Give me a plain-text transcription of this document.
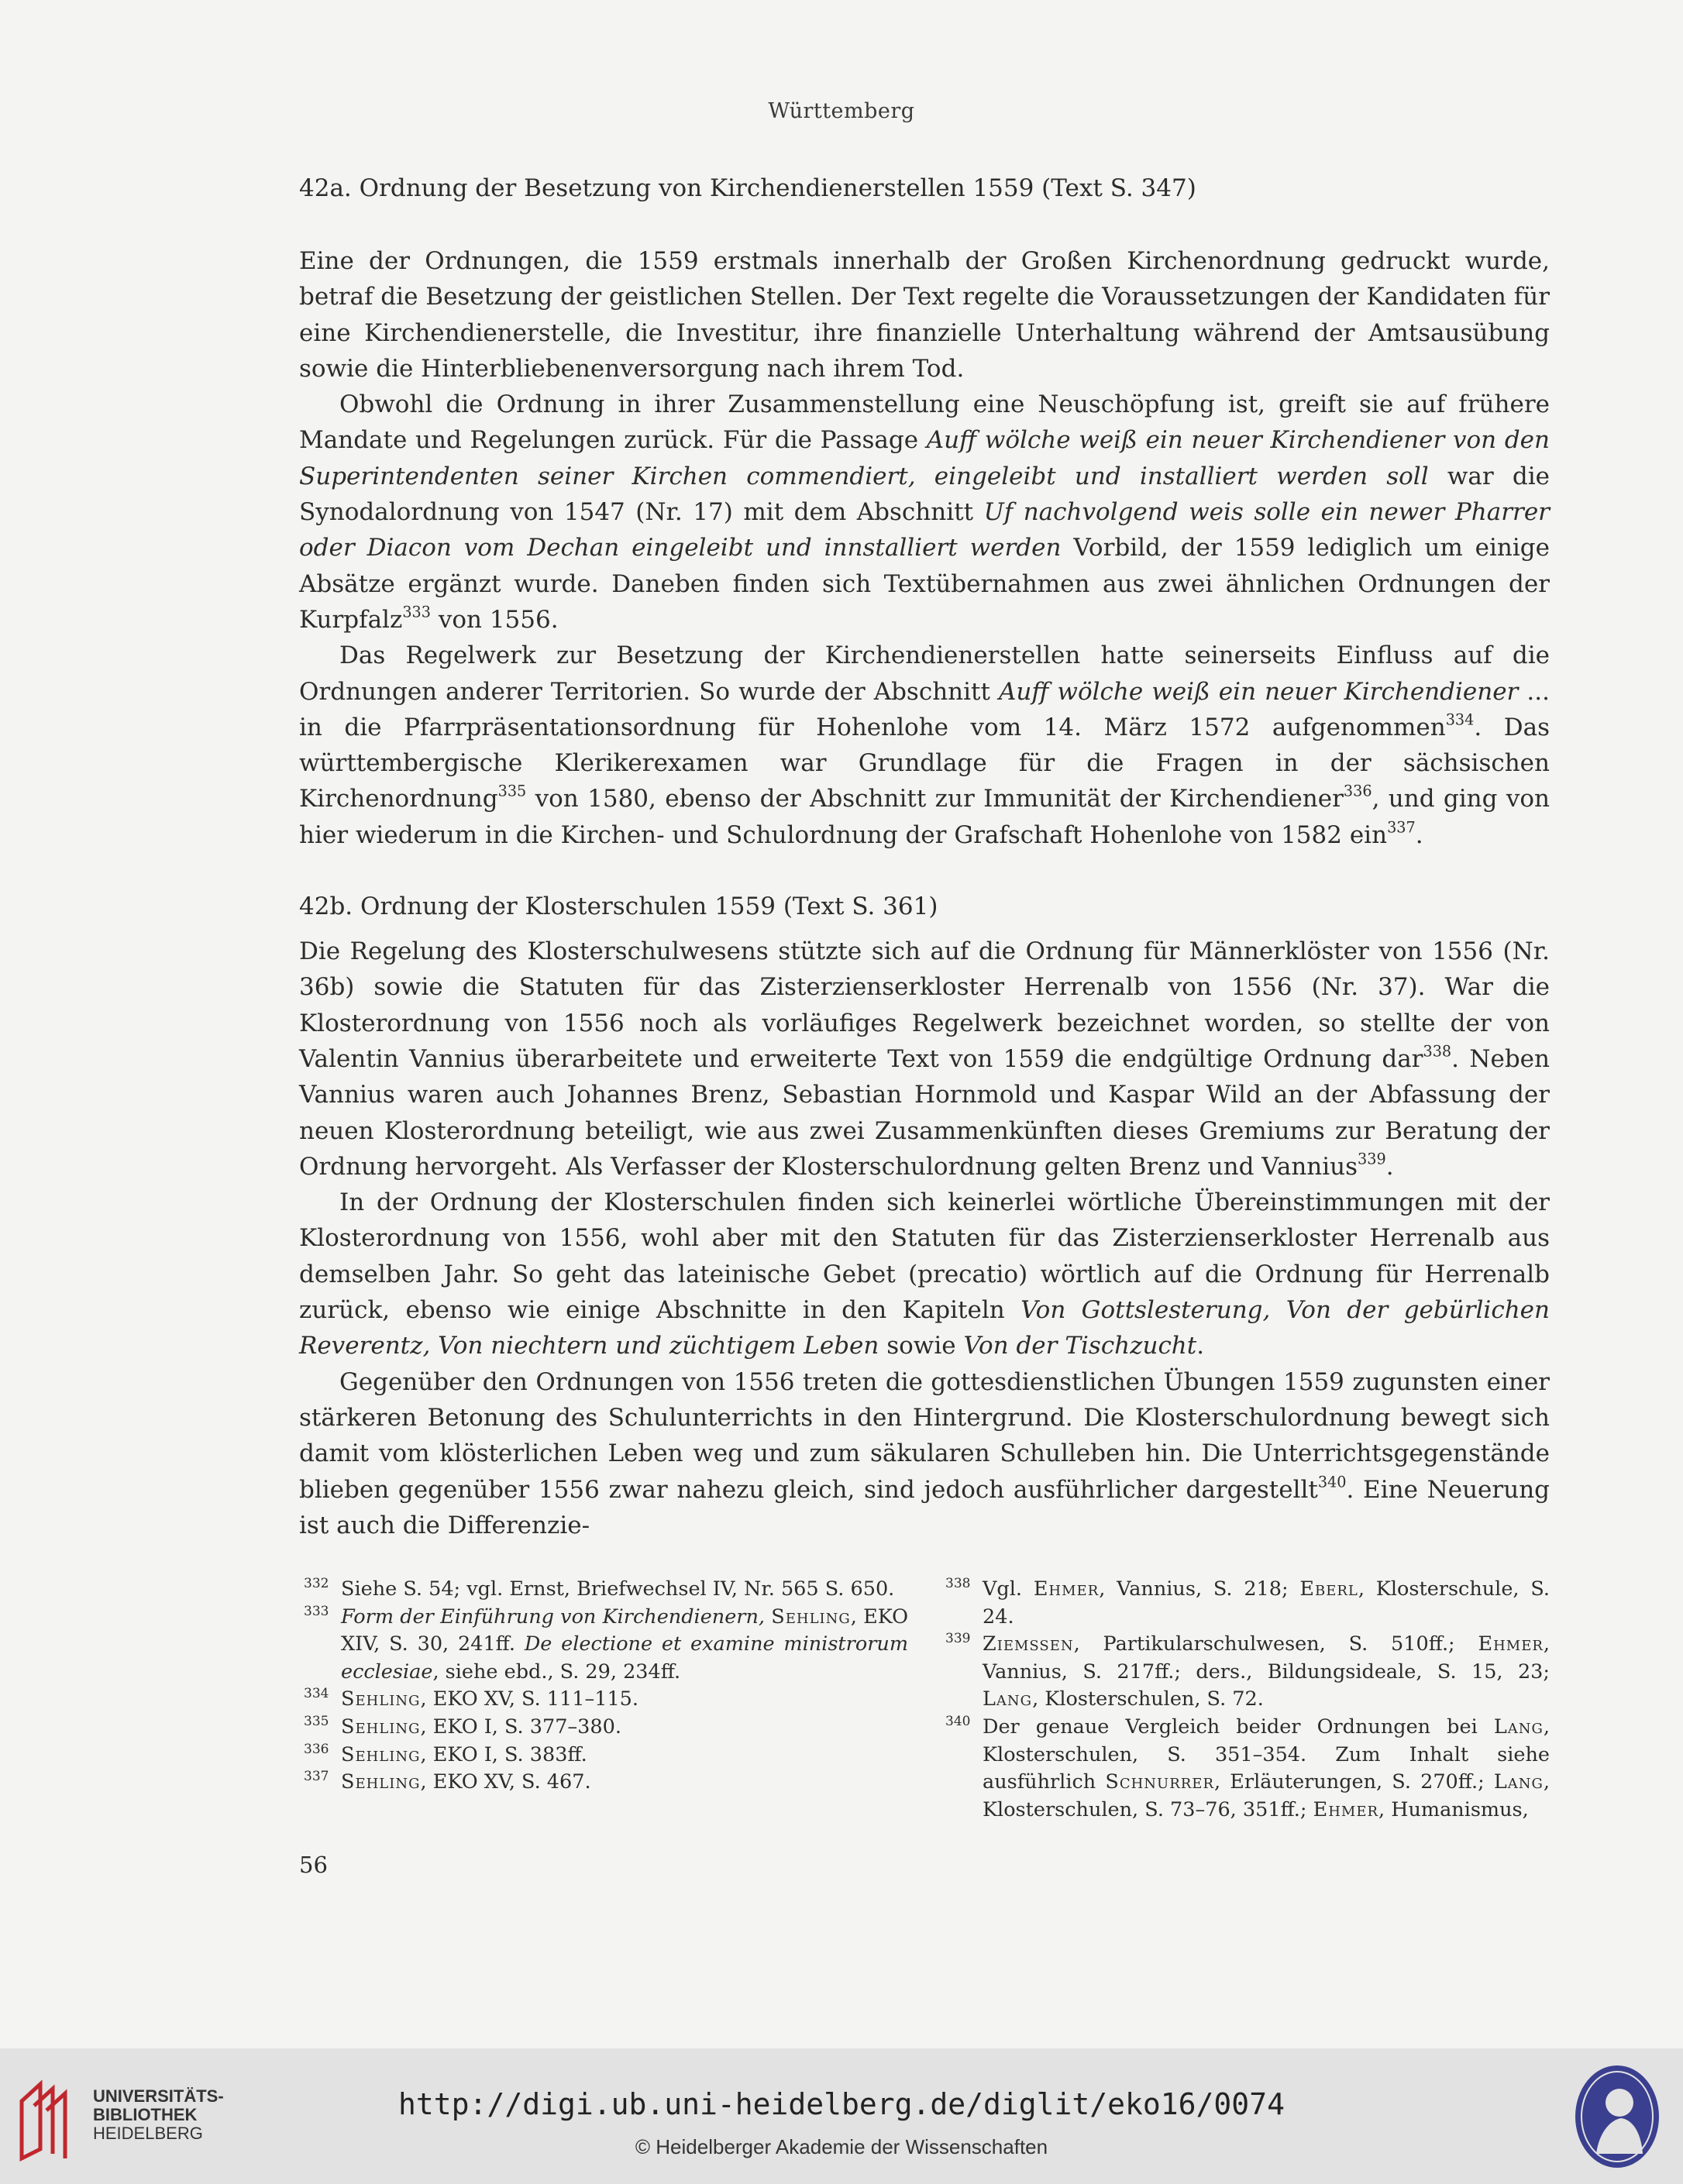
Württemberg
42a. Ordnung der Besetzung von Kirchendienerstellen 1559 (Text S. 347)

Eine der Ordnungen, die 1559 erstmals innerhalb der Großen Kirchenordnung gedruckt wurde, betraf die Besetzung der geistlichen Stellen. Der Text regelte die Voraussetzungen der Kandidaten für eine Kirchendienerstelle, die Investitur, ihre finanzielle Unterhaltung während der Amtsausübung sowie die Hinterbliebenenversorgung nach ihrem Tod.

Obwohl die Ordnung in ihrer Zusammenstellung eine Neuschöpfung ist, greift sie auf frühere Mandate und Regelungen zurück. Für die Passage Auff wölche weiß ein neuer Kirchendiener von den Superintendenten seiner Kirchen commendiert, eingeleibt und installiert werden soll war die Synodalordnung von 1547 (Nr. 17) mit dem Abschnitt Uf nachvolgend weis solle ein newer Pharrer oder Diacon vom Dechan eingeleibt und innstalliert werden Vorbild, der 1559 lediglich um einige Absätze ergänzt wurde. Daneben finden sich Textübernahmen aus zwei ähnlichen Ordnungen der Kurpfalz$^{333}$ von 1556.

Das Regelwerk zur Besetzung der Kirchendienerstellen hatte seinerseits Einfluss auf die Ordnungen anderer Territorien. So wurde der Abschnitt Auff wölche weiß ein neuer Kirchendiener ... in die Pfarrpräsentationsordnung für Hohenlohe vom 14. März 1572 aufgenommen$^{334}$. Das württembergische Klerikerexamen war Grundlage für die Fragen in der sächsischen Kirchenordnung$^{335}$ von 1580, ebenso der Abschnitt zur Immunität der Kirchendiener$^{336}$, und ging von hier wiederum in die Kirchen- und Schulordnung der Grafschaft Hohenlohe von 1582 ein$^{337}$.

42b. Ordnung der Klosterschulen 1559 (Text S. 361)

Die Regelung des Klosterschulwesens stützte sich auf die Ordnung für Männerklöster von 1556 (Nr. 36b) sowie die Statuten für das Zisterzienserkloster Herrenalb von 1556 (Nr. 37). War die Klosterordnung von 1556 noch als vorläufiges Regelwerk bezeichnet worden, so stellte der von Valentin Vannius überarbeitete und erweiterte Text von 1559 die endgültige Ordnung dar$^{338}$. Neben Vannius waren auch Johannes Brenz, Sebastian Hornmold und Kaspar Wild an der Abfassung der neuen Klosterordnung beteiligt, wie aus zwei Zusammenkünften dieses Gremiums zur Beratung der Ordnung hervorgeht. Als Verfasser der Klosterschulordnung gelten Brenz und Vannius$^{339}$.

In der Ordnung der Klosterschulen finden sich keinerlei wörtliche Übereinstimmungen mit der Klosterordnung von 1556, wohl aber mit den Statuten für das Zisterzienserkloster Herrenalb aus demselben Jahr. So geht das lateinische Gebet (precatio) wörtlich auf die Ordnung für Herrenalb zurück, ebenso wie einige Abschnitte in den Kapiteln Von Gottslesterung, Von der gebürlichen Reverentz, Von niechtern und züchtigem Leben sowie Von der Tischzucht.

Gegenüber den Ordnungen von 1556 treten die gottesdienstlichen Übungen 1559 zugunsten einer stärkeren Betonung des Schulunterrichts in den Hintergrund. Die Klosterschulordnung bewegt sich damit vom klösterlichen Leben weg und zum säkularen Schulleben hin. Die Unterrichtsgegenstände blieben gegenüber 1556 zwar nahezu gleich, sind jedoch ausführlicher dargestellt$^{340}$. Eine Neuerung ist auch die Differenzie-

332 Siehe S. 54; vgl. Ernst, Briefwechsel IV, Nr. 565 S. 650.
333 Form der Einführung von Kirchendienern, Sehling, EKO XIV, S. 30, 241ff. De electione et examine ministrorum ecclesiae, siehe ebd., S. 29, 234ff.
334 Sehling, EKO XV, S. 111–115.
335 Sehling, EKO I, S. 377–380.
336 Sehling, EKO I, S. 383ff.
337 Sehling, EKO XV, S. 467.
338 Vgl. Ehmer, Vannius, S. 218; Eberl, Klosterschule, S. 24.
339 Ziemssen, Partikularschulwesen, S. 510ff.; Ehmer, Vannius, S. 217ff.; ders., Bildungsideale, S. 15, 23; Lang, Klosterschulen, S. 72.
340 Der genaue Vergleich beider Ordnungen bei Lang, Klosterschulen, S. 351–354. Zum Inhalt siehe ausführlich Schnurrer, Erläuterungen, S. 270ff.; Lang, Klosterschulen, S. 73–76, 351ff.; Ehmer, Humanismus,
56
UNIVERSITÄTS-
BIBLIOTHEK
HEIDELBERG
http://digi.ub.uni-heidelberg.de/diglit/eko16/0074
© Heidelberger Akademie der Wissenschaften
